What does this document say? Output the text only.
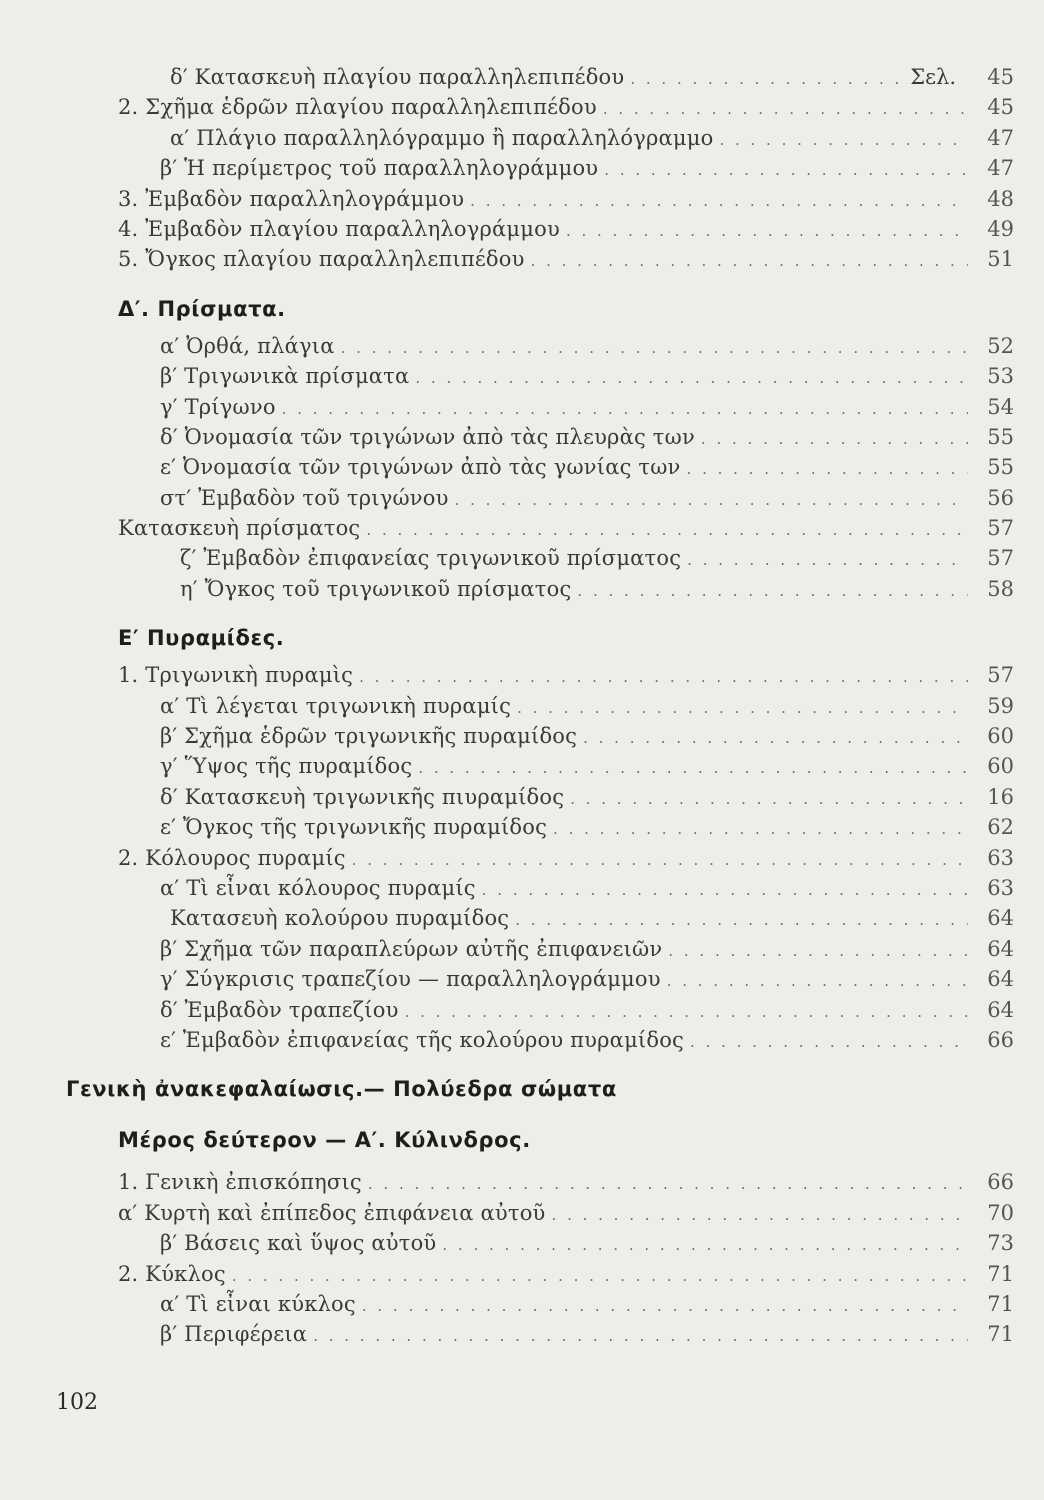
δ′ Κατασκευὴ πλαγίου παραλληλεπιπέδου . . .	Σελ.	45
2. Σχῆμα ἑδρῶν πλαγίου παραλληλεπιπέδου . . .	45
α′ Πλάγιο παραλληλόγραμμο ἢ παραλληλόγραμμο . . .	47
β′ Ἡ περίμετρος τοῦ παραλληλογράμμου . . .	47
3. Ἐμβαδὸν παραλληλογράμμου . . .	48
4. Ἐμβαδὸν πλαγίου παραλληλογράμμου . . .	49
5. Ὄγκος πλαγίου παραλληλεπιπέδου . . .	51
Δ′. Πρίσματα.
α′ Ὀρθά, πλάγια . . .	52
β′ Τριγωνικὰ πρίσματα . . .	53
γ′ Τρίγωνο . . .	54
δ′ Ὀνομασία τῶν τριγώνων ἀπὸ τὰς πλευρὰς των . . .	55
ε′ Ὀνομασία τῶν τριγώνων ἀπὸ τὰς γωνίας των . . .	55
στ′ Ἐμβαδὸν τοῦ τριγώνου . . .	56
Κατασκευὴ πρίσματος . . .	57
ζ′ Ἐμβαδὸν ἐπιφανείας τριγωνικοῦ πρίσματος . . .	57
η′ Ὄγκος τοῦ τριγωνικοῦ πρίσματος . . .	58
Ε′ Πυραμίδες.
1. Τριγωνικὴ πυραμὶς . . .	57
α′ Τὶ λέγεται τριγωνικὴ πυραμίς . . .	59
β′ Σχῆμα ἑδρῶν τριγωνικῆς πυραμίδος . . .	60
γ′ Ὕψος τῆς πυραμίδος . . .	60
δ′ Κατασκευὴ τριγωνικῆς πιυραμίδος . . .	16
ε′ Ὄγκος τῆς τριγωνικῆς πυραμίδος . . .	62
2. Κόλουρος πυραμίς . . .	63
α′ Τὶ εἶναι κόλουρος πυραμίς . . .	63
Κατασευὴ κολούρου πυραμίδος . . .	64
β′ Σχῆμα τῶν παραπλεύρων αὐτῆς ἐπιφανειῶν . . .	64
γ′ Σύγκρισις τραπεζίου — παραλληλογράμμου . . .	64
δ′ Ἐμβαδὸν τραπεζίου . . .	64
ε′ Ἐμβαδὸν ἐπιφανείας τῆς κολούρου πυραμίδος . . .	66
Γενικὴ ἀνακεφαλαίωσις.— Πολύεδρα σώματα
Μέρος δεύτερον — Α′. Κύλινδρος.
1. Γενικὴ ἐπισκόπησις . . .	66
α′ Κυρτὴ καὶ ἐπίπεδος ἐπιφάνεια αὐτοῦ . . .	70
β′ Βάσεις καὶ ὕψος αὐτοῦ . . .	73
2. Κύκλος . . .	71
α′ Τὶ εἶναι κύκλος . . .	71
β′ Περιφέρεια . . .	71
102
